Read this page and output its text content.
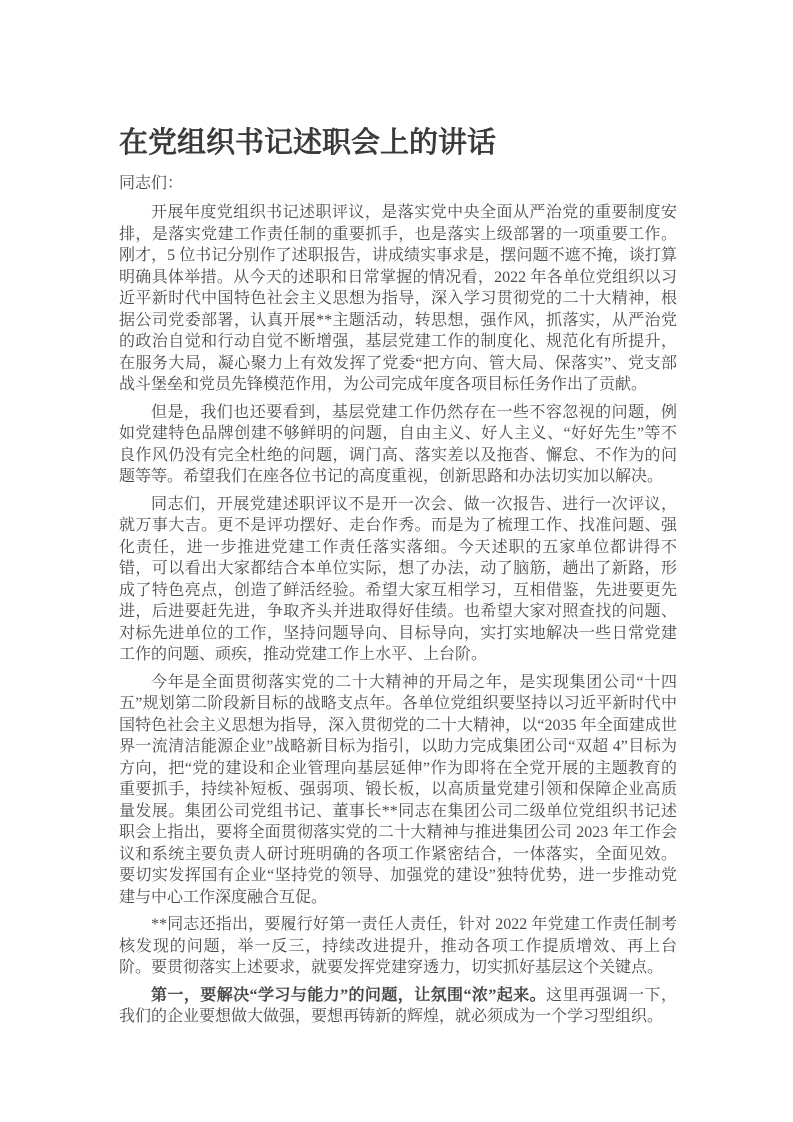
在党组织书记述职会上的讲话

同志们：

开展年度党组织书记述职评议，是落实党中央全面从严治党的重要制度安排，是落实党建工作责任制的重要抓手，也是落实上级部署的一项重要工作。刚才，5 位书记分别作了述职报告，讲成绩实事求是，摆问题不遮不掩，谈打算明确具体举措。从今天的述职和日常掌握的情况看，2022 年各单位党组织以习近平新时代中国特色社会主义思想为指导，深入学习贯彻党的二十大精神，根据公司党委部署，认真开展**主题活动，转思想，强作风，抓落实，从严治党的政治自觉和行动自觉不断增强，基层党建工作的制度化、规范化有所提升，在服务大局，凝心聚力上有效发挥了党委“把方向、管大局、保落实”、党支部战斗堡垒和党员先锋模范作用，为公司完成年度各项目标任务作出了贡献。

但是，我们也还要看到，基层党建工作仍然存在一些不容忽视的问题，例如党建特色品牌创建不够鲜明的问题，自由主义、好人主义、“好好先生”等不良作风仍没有完全杜绝的问题，调门高、落实差以及拖沓、懈怠、不作为的问题等等。希望我们在座各位书记的高度重视，创新思路和办法切实加以解决。

同志们，开展党建述职评议不是开一次会、做一次报告、进行一次评议，就万事大吉。更不是评功摆好、走台作秀。而是为了梳理工作、找准问题、强化责任，进一步推进党建工作责任落实落细。今天述职的五家单位都讲得不错，可以看出大家都结合本单位实际，想了办法，动了脑筋，趟出了新路，形成了特色亮点，创造了鲜活经验。希望大家互相学习，互相借鉴，先进要更先进，后进要赶先进，争取齐头并进取得好佳绩。也希望大家对照查找的问题、对标先进单位的工作，坚持问题导向、目标导向，实打实地解决一些日常党建工作的问题、顽疾，推动党建工作上水平、上台阶。

今年是全面贯彻落实党的二十大精神的开局之年，是实现集团公司“十四五”规划第二阶段新目标的战略支点年。各单位党组织要坚持以习近平新时代中国特色社会主义思想为指导，深入贯彻党的二十大精神，以“2035 年全面建成世界一流清洁能源企业”战略新目标为指引，以助力完成集团公司“双超 4”目标为方向，把“党的建设和企业管理向基层延伸”作为即将在全党开展的主题教育的重要抓手，持续补短板、强弱项、锻长板，以高质量党建引领和保障企业高质量发展。集团公司党组书记、董事长**同志在集团公司二级单位党组织书记述职会上指出，要将全面贯彻落实党的二十大精神与推进集团公司 2023 年工作会议和系统主要负责人研讨班明确的各项工作紧密结合，一体落实，全面见效。要切实发挥国有企业“坚持党的领导、加强党的建设”独特优势，进一步推动党建与中心工作深度融合互促。

**同志还指出，要履行好第一责任人责任，针对 2022 年党建工作责任制考核发现的问题，举一反三，持续改进提升，推动各项工作提质增效、再上台阶。要贯彻落实上述要求，就要发挥党建穿透力，切实抓好基层这个关键点。

第一，要解决“学习与能力”的问题，让氛围“浓”起来。这里再强调一下，我们的企业要想做大做强，要想再铸新的辉煌，就必须成为一个学习型组织。
